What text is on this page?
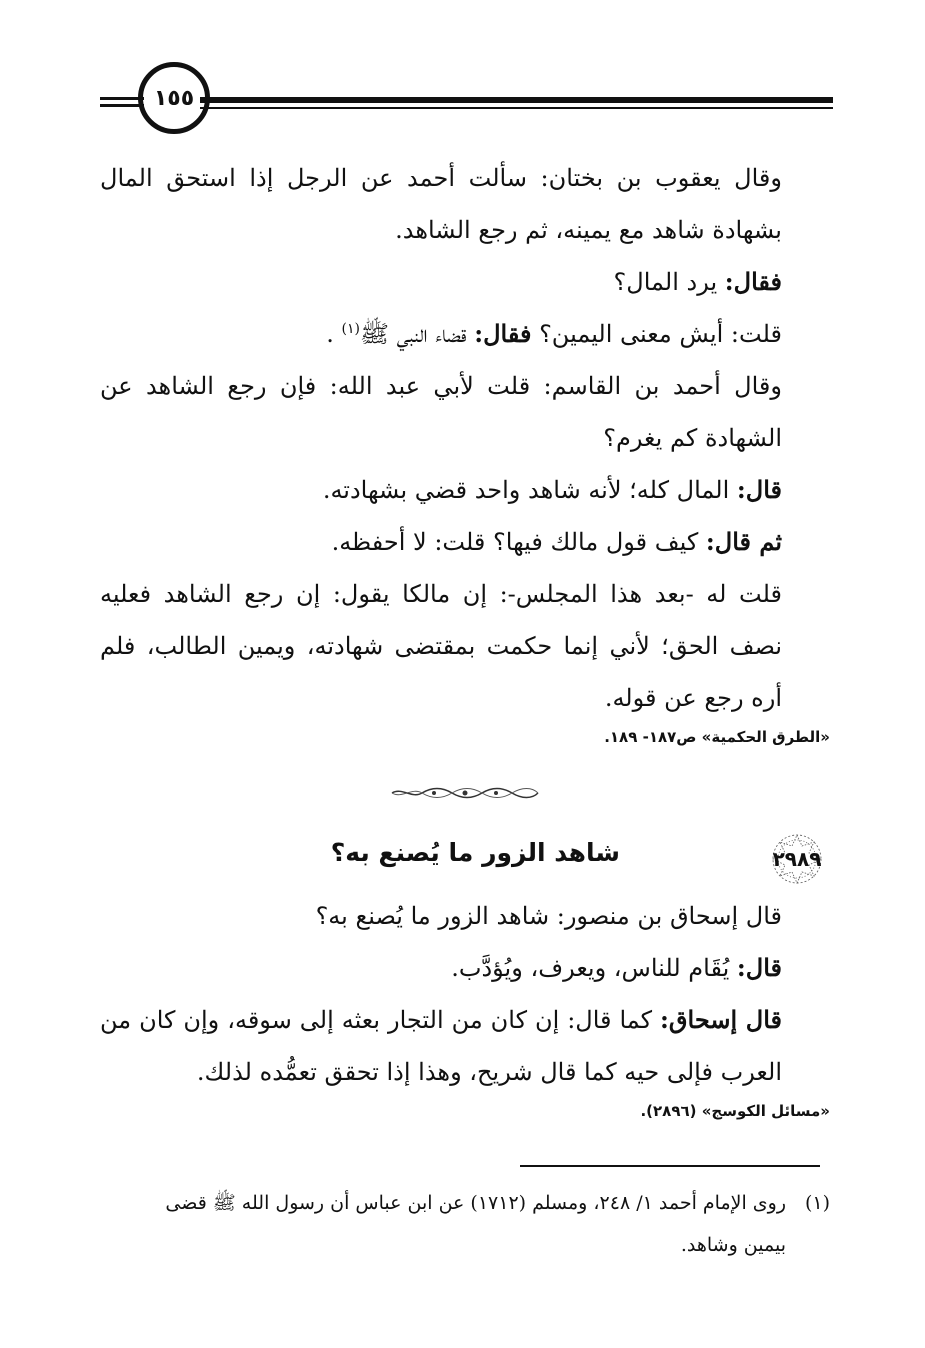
١٥٥

وقال يعقوب بن بختان: سألت أحمد عن الرجل إذا استحق المال بشهادة شاهد مع يمينه، ثم رجع الشاهد.

فقال: يرد المال؟

قلت: أيش معنى اليمين؟ فقال: قضاء النبي ﷺ$^{(١)}$ .

وقال أحمد بن القاسم: قلت لأبي عبد الله: فإن رجع الشاهد عن الشهادة كم يغرم؟

قال: المال كله؛ لأنه شاهد واحد قضي بشهادته.

ثم قال: كيف قول مالك فيها؟ قلت: لا أحفظه.

قلت له -بعد هذا المجلس-: إن مالكا يقول: إن رجع الشاهد فعليه نصف الحق؛ لأني إنما حكمت بمقتضى شهادته، ويمين الطالب، فلم أره رجع عن قوله.

«الطرق الحكمية» ص١٨٧- ١٨٩.

٢٩٨٩
شاهد الزور ما يُصنع به؟

قال إسحاق بن منصور: شاهد الزور ما يُصنع به؟

قال: يُقَام للناس، ويعرف، ويُؤدَّب.

قال إسحاق: كما قال: إن كان من التجار بعثه إلى سوقه، وإن كان من العرب فإلى حيه كما قال شريح، وهذا إذا تحقق تعمُّده لذلك.

«مسائل الكوسج» (٢٨٩٦).

(١)روى الإمام أحمد ١/ ٢٤٨، ومسلم (١٧١٢) عن ابن عباس أن رسول الله ﷺ قضى
بيمين وشاهد.
